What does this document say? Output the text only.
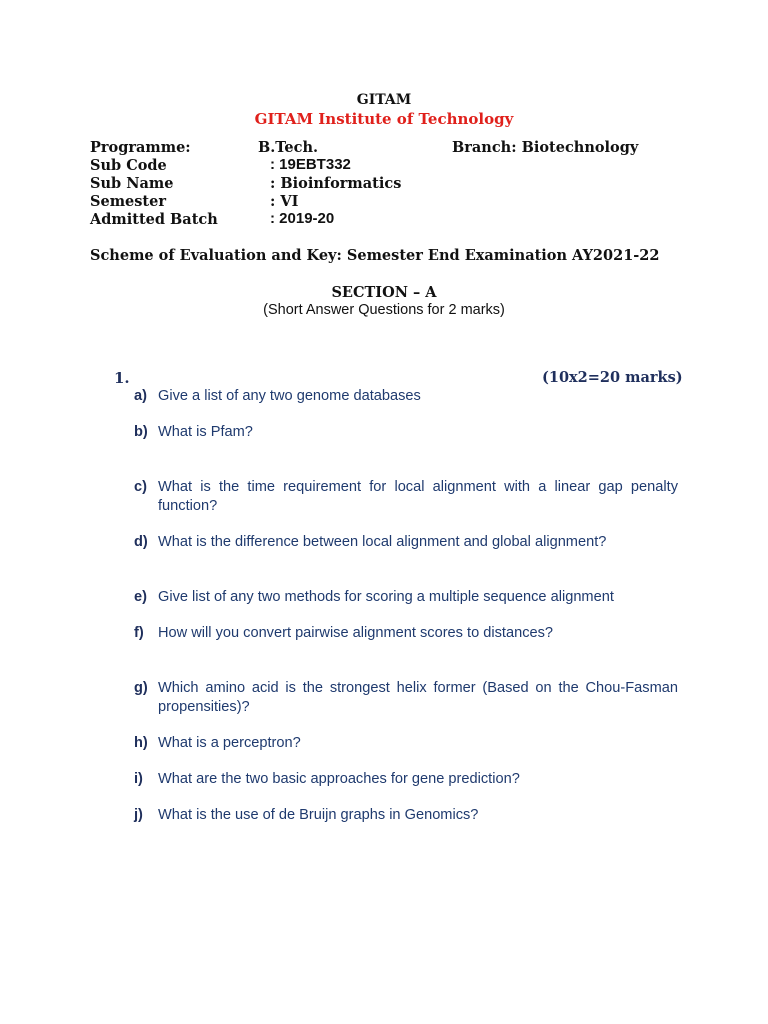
GITAM
GITAM Institute of Technology
Programme:	B.Tech.	Branch: Biotechnology
Sub Code	: 19EBT332
Sub Name	: Bioinformatics
Semester	: VI
Admitted Batch	: 2019-20
Scheme of Evaluation and Key: Semester End Examination AY2021-22
SECTION – A
(Short Answer Questions for 2 marks)
1.	(10x2=20 marks)
a) Give a list of any two genome databases
b) What is Pfam?
c) What is the time requirement for local alignment with a linear gap penalty function?
d) What is the difference between local alignment and global alignment?
e) Give list of any two methods for scoring a multiple sequence alignment
f) How will you convert pairwise alignment scores to distances?
g) Which amino acid is the strongest helix former (Based on the Chou-Fasman propensities)?
h) What is a perceptron?
i) What are the two basic approaches for gene prediction?
j) What is the use of de Bruijn graphs in Genomics?
